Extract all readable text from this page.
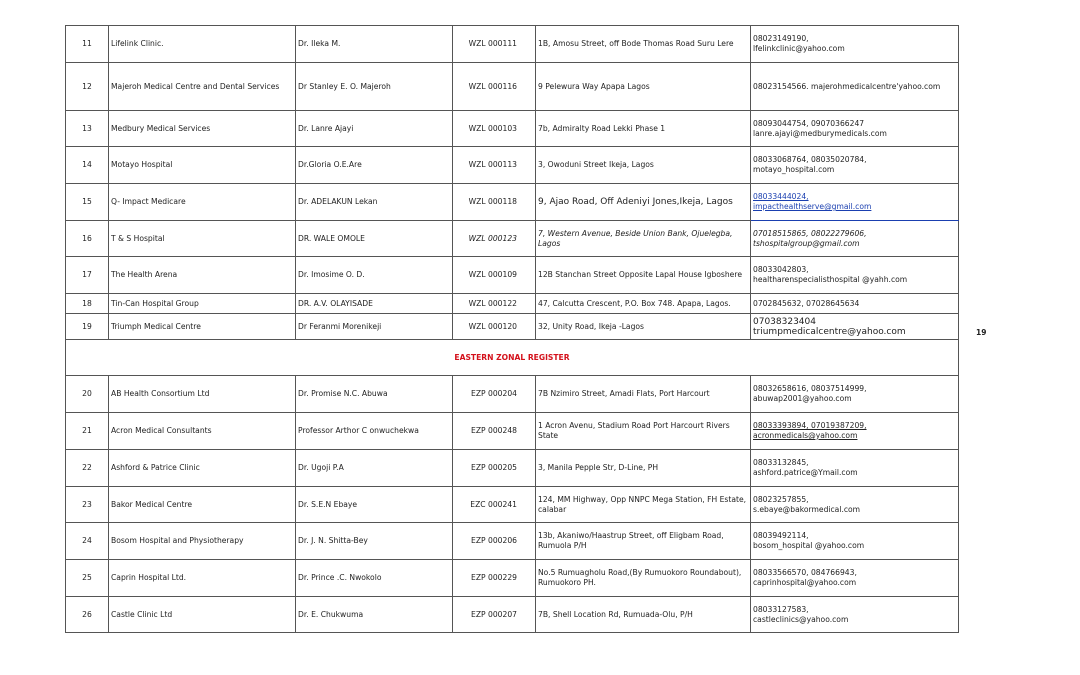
11	Lifelink Clinic.	Dr. Ileka M.	WZL 000111	1B, Amosu Street, off Bode Thomas Road Suru Lere	08023149190,
lfelinkclinic@yahoo.com

12	Majeroh Medical Centre and Dental Services	Dr Stanley E. O. Majeroh	WZL 000116	9 Pelewura Way Apapa Lagos	08023154566. majerohmedicalcentre'yahoo.com

13	Medbury Medical Services	Dr. Lanre Ajayi	WZL 000103	7b, Admiralty Road Lekki Phase 1	08093044754, 09070366247
lanre.ajayi@medburymedicals.com

14	Motayo Hospital	Dr.Gloria O.E.Are	WZL 000113	3, Owoduni Street Ikeja, Lagos	08033068764, 08035020784,
motayo_hospital.com

15	Q- Impact Medicare	Dr. ADELAKUN Lekan	WZL 000118	9, Ajao Road, Off Adeniyi Jones,Ikeja, Lagos	08033444024,
impacthealthserve@gmail.com

16	T & S Hospital	DR. WALE OMOLE	WZL 000123	7, Western Avenue, Beside Union Bank, Ojuelegba, Lagos	07018515865, 08022279606,
tshospitalgroup@gmail.com

17	The Health Arena	Dr. Imosime O. D.	WZL 000109	12B Stanchan Street Opposite Lapal House Igboshere	08033042803,
healtharenspecialisthospital @yahh.com

18	Tin-Can Hospital Group	DR. A.V. OLAYISADE	WZL 000122	47, Calcutta Crescent, P.O. Box 748. Apapa, Lagos.	0702845632, 07028645634

19	Triumph Medical Centre	Dr Feranmi Morenikeji	WZL 000120	32, Unity Road, Ikeja -Lagos	07038323404 triumpmedicalcentre@yahoo.com

EASTERN ZONAL REGISTER					
20	AB Health Consortium Ltd	Dr. Promise N.C. Abuwa	EZP 000204	7B Nzimiro Street, Amadi Flats, Port Harcourt	08032658616, 08037514999,
abuwap2001@yahoo.com

21	Acron Medical Consultants	Professor Arthor C onwuchekwa	EZP 000248	1 Acron Avenu, Stadium Road Port Harcourt Rivers State	08033393894, 07019387209,
acronmedicals@yahoo.com

22	Ashford & Patrice Clinic	Dr. Ugoji P.A	EZP 000205	3, Manila Pepple Str, D-Line, PH	08033132845,
ashford.patrice@Ymail.com

23	Bakor Medical Centre	Dr. S.E.N Ebaye	EZC 000241	124, MM Highway, Opp NNPC Mega Station, FH Estate, calabar	08023257855,
s.ebaye@bakormedical.com

24	Bosom Hospital and Physiotherapy	Dr. J. N. Shitta-Bey	EZP 000206	13b, Akaniwo/Haastrup Street, off Eligbam Road, Rumuola P/H	08039492114,
bosom_hospital @yahoo.com

25	Caprin Hospital Ltd.	Dr. Prince .C. Nwokolo	EZP 000229	No.5 Rumuagholu Road,(By Rumuokoro Roundabout), Rumuokoro PH.	08033566570, 084766943,
caprinhospital@yahoo.com

26	Castle Clinic Ltd	Dr. E. Chukwuma	EZP 000207	7B, Shell Location Rd, Rumuada-Olu, P/H	08033127583,
castleclinics@yahoo.com
19
